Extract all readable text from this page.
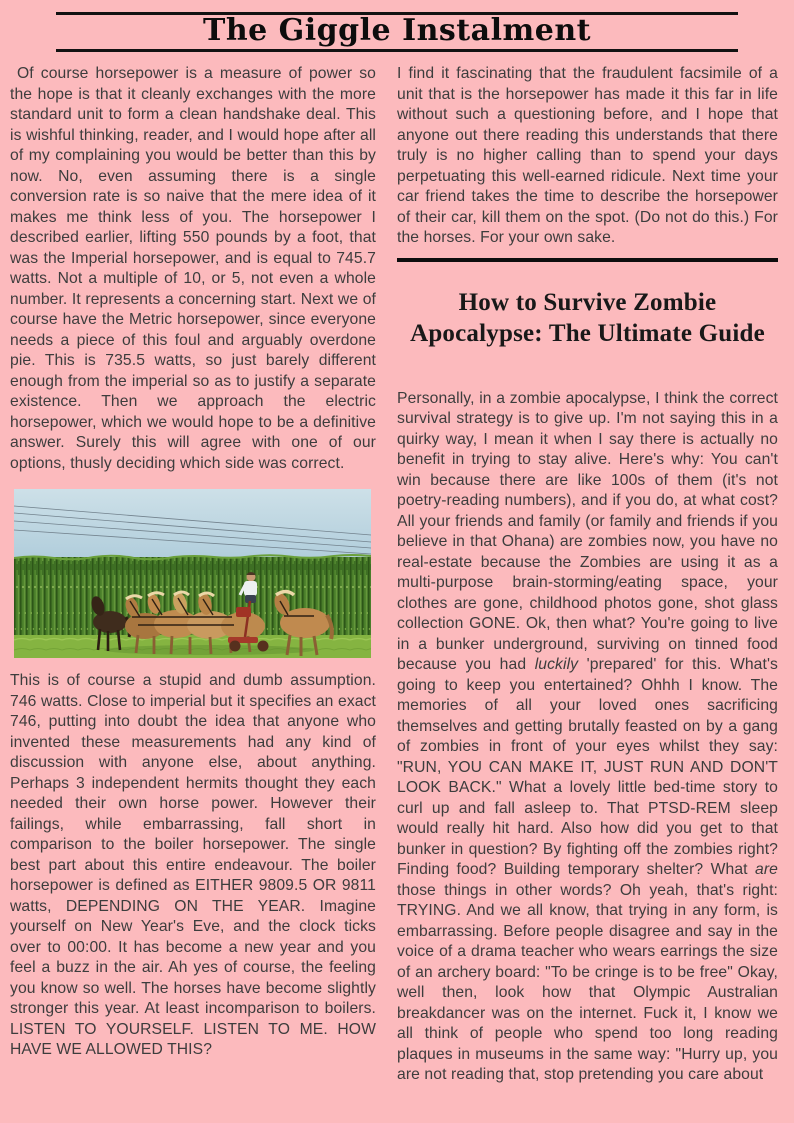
The Giggle Instalment

Of course horsepower is a measure of power so the hope is that it cleanly exchanges with the more standard unit to form a clean handshake deal. This is wishful thinking, reader, and I would hope after all of my complaining you would be better than this by now. No, even assuming there is a single conversion rate is so naive that the mere idea of it makes me think less of you. The horsepower I described earlier, lifting 550 pounds by a foot, that was the Imperial horsepower, and is equal to 745.7 watts. Not a multiple of 10, or 5, not even a whole number. It represents a concerning start. Next we of course have the Metric horsepower, since everyone needs a piece of this foul and arguably overdone pie. This is 735.5 watts, so just barely different enough from the imperial so as to justify a separate existence. Then we approach the electric horsepower, which we would hope to be a definitive answer. Surely this will agree with one of our options, thusly deciding which side was correct.

This is of course a stupid and dumb assumption. 746 watts. Close to imperial but it specifies an exact 746, putting into doubt the idea that anyone who invented these measurements had any kind of discussion with anyone else, about anything. Perhaps 3 independent hermits thought they each needed their own horse power. However their failings, while embarrassing, fall short in comparison to the boiler horsepower. The single best part about this entire endeavour. The boiler horsepower is defined as EITHER 9809.5 OR 9811 watts, DEPENDING ON THE YEAR. Imagine yourself on New Year's Eve, and the clock ticks over to 00:00. It has become a new year and you feel a buzz in the air. Ah yes of course, the feeling you know so well. The horses have become slightly stronger this year. At least incomparison to boilers. LISTEN TO YOURSELF. LISTEN TO ME. HOW HAVE WE ALLOWED THIS?

I find it fascinating that the fraudulent facsimile of a unit that is the horsepower has made it this far in life without such a questioning before, and I hope that anyone out there reading this understands that there truly is no higher calling than to spend your days perpetuating this well-earned ridicule. Next time your car friend takes the time to describe the horsepower of their car, kill them on the spot. (Do not do this.) For the horses. For your own sake.

How to Survive Zombie
Apocalypse: The Ultimate Guide

Personally, in a zombie apocalypse, I think the correct survival strategy is to give up. I'm not saying this in a quirky way, I mean it when I say there is actually no benefit in trying to stay alive. Here's why: You can't win because there are like 100s of them (it's not poetry-reading numbers), and if you do, at what cost? All your friends and family (or family and friends if you believe in that Ohana) are zombies now, you have no real-estate because the Zombies are using it as a multi-purpose brain-storming/eating space, your clothes are gone, childhood photos gone, shot glass collection GONE. Ok, then what? You're going to live in a bunker underground, surviving on tinned food because you had luckily 'prepared' for this. What's going to keep you entertained? Ohhh I know. The memories of all your loved ones sacrificing themselves and getting brutally feasted on by a gang of zombies in front of your eyes whilst they say: "RUN, YOU CAN MAKE IT, JUST RUN AND DON'T LOOK BACK." What a lovely little bed-time story to curl up and fall asleep to. That PTSD-REM sleep would really hit hard. Also how did you get to that bunker in question? By fighting off the zombies right? Finding food? Building temporary shelter? What are those things in other words? Oh yeah, that's right: TRYING. And we all know, that trying in any form, is embarrassing. Before people disagree and say in the voice of a drama teacher who wears earrings the size of an archery board: "To be cringe is to be free" Okay, well then, look how that Olympic Australian breakdancer was on the internet. Fuck it, I know we all think of people who spend too long reading plaques in museums in the same way: "Hurry up, you are not reading that, stop pretending you care about
